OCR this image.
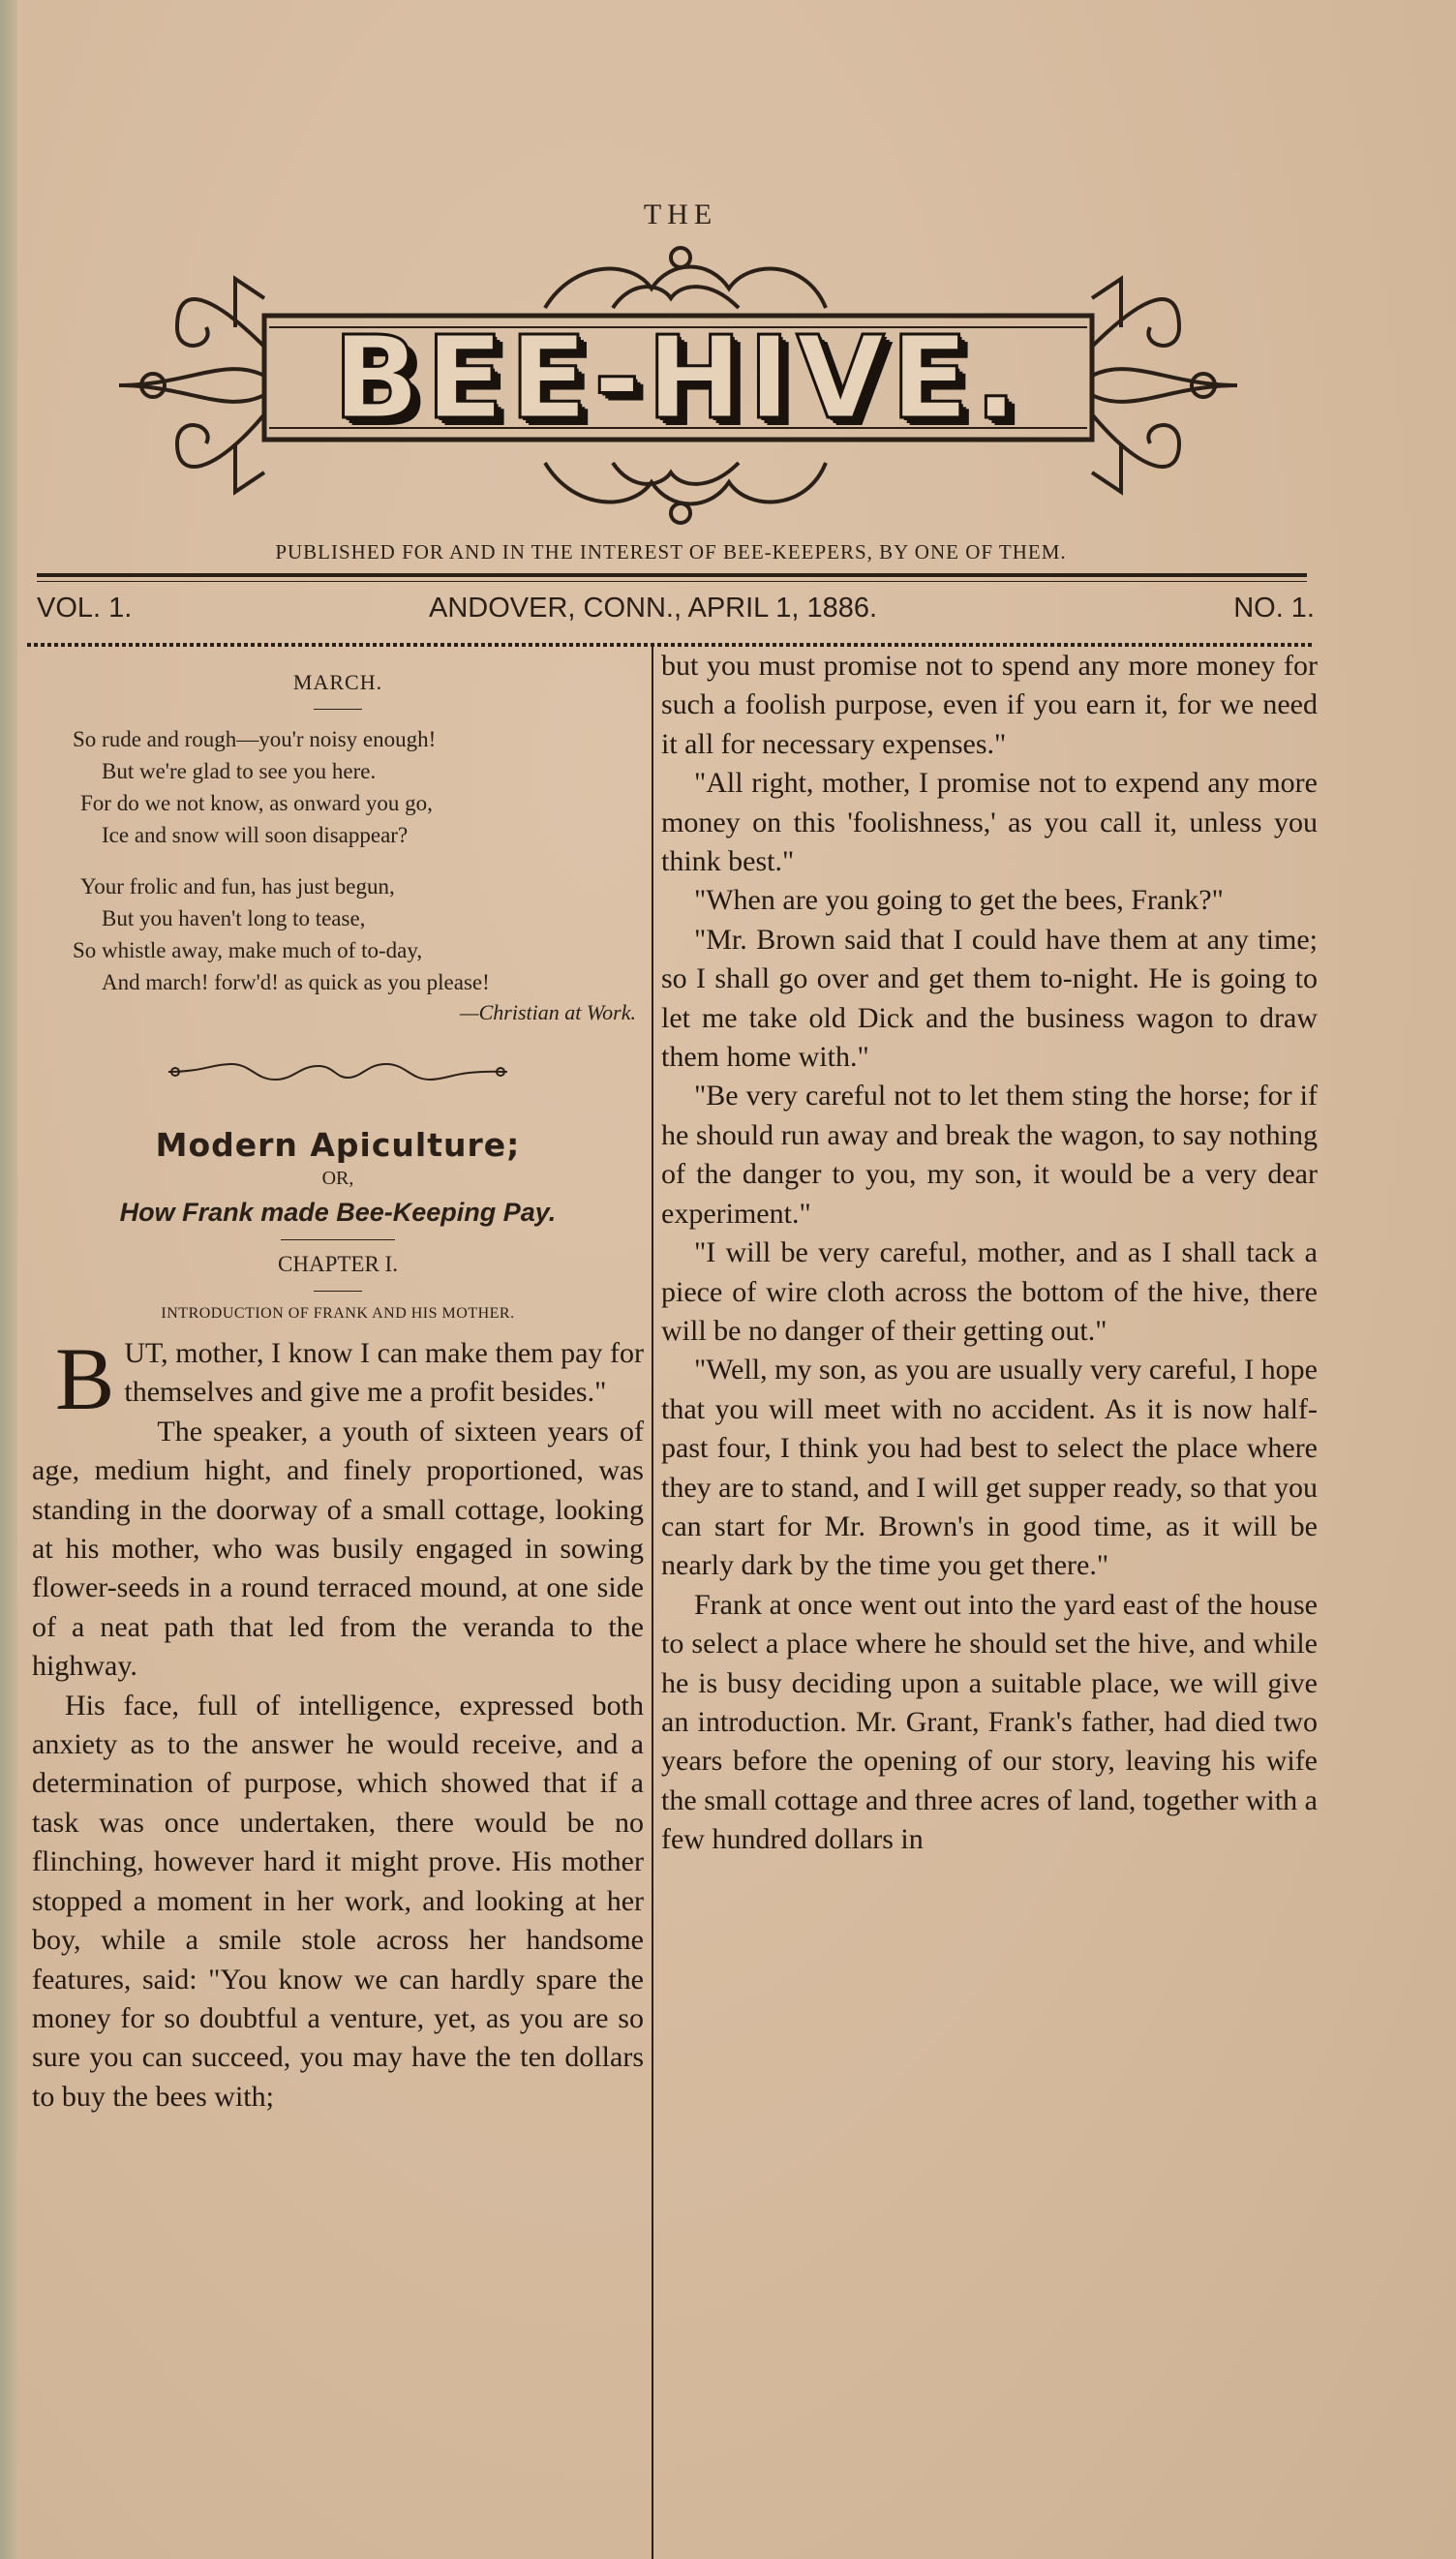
THE
BEE-HIVE.
PUBLISHED FOR AND IN THE INTEREST OF BEE-KEEPERS, BY ONE OF THEM.
VOL. 1.	ANDOVER, CONN., APRIL 1, 1886.	NO. 1.
MARCH.
So rude and rough—you'r noisy enough!
But we're glad to see you here.
For do we not know, as onward you go,
Ice and snow will soon disappear?
Your frolic and fun, has just begun,
But you haven't long to tease,
So whistle away, make much of to-day,
And march! forw'd! as quick as you please!
—Christian at Work.
Modern Apiculture;
OR,
How Frank made Bee-Keeping Pay.
CHAPTER I.
INTRODUCTION OF FRANK AND HIS MOTHER.

B UT, mother, I know I can make them pay for themselves and give me a profit besides."

The speaker, a youth of sixteen years of age, medium hight, and finely proportioned, was standing in the doorway of a small cottage, looking at his mother, who was busily engaged in sowing flower-seeds in a round terraced mound, at one side of a neat path that led from the veranda to the highway.

His face, full of intelligence, expressed both anxiety as to the answer he would receive, and a determination of purpose, which showed that if a task was once undertaken, there would be no flinching, however hard it might prove. His mother stopped a moment in her work, and looking at her boy, while a smile stole across her handsome features, said: "You know we can hardly spare the money for so doubtful a venture, yet, as you are so sure you can succeed, you may have the ten dollars to buy the bees with;

but you must promise not to spend any more money for such a foolish purpose, even if you earn it, for we need it all for necessary expenses."

"All right, mother, I promise not to expend any more money on this 'foolishness,' as you call it, unless you think best."

"When are you going to get the bees, Frank?"

"Mr. Brown said that I could have them at any time; so I shall go over and get them to-night. He is going to let me take old Dick and the business wagon to draw them home with."

"Be very careful not to let them sting the horse; for if he should run away and break the wagon, to say nothing of the danger to you, my son, it would be a very dear experiment."

"I will be very careful, mother, and as I shall tack a piece of wire cloth across the bottom of the hive, there will be no danger of their getting out."

"Well, my son, as you are usually very careful, I hope that you will meet with no accident. As it is now half-past four, I think you had best to select the place where they are to stand, and I will get supper ready, so that you can start for Mr. Brown's in good time, as it will be nearly dark by the time you get there."

Frank at once went out into the yard east of the house to select a place where he should set the hive, and while he is busy deciding upon a suitable place, we will give an introduction. Mr. Grant, Frank's father, had died two years before the opening of our story, leaving his wife the small cottage and three acres of land, together with a few hundred dollars in
